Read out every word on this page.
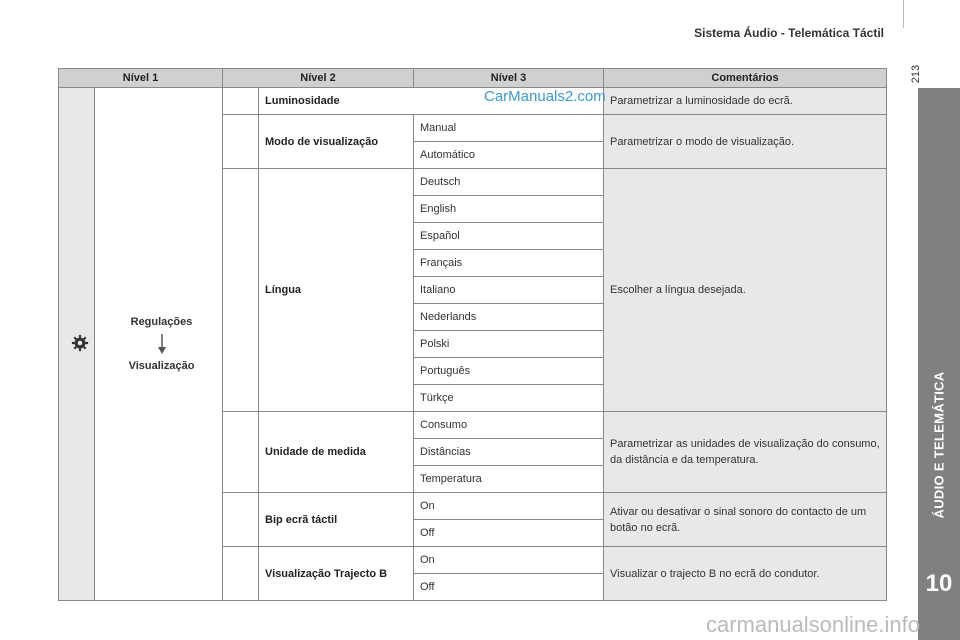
Sistema Áudio - Telemática Táctil
213
ÁUDIO E TELEMÁTICA
10
Nível 1		Nível 2		Nível 3	Comentários

Regulações
Visualização		Luminosidade		Parametrizar a luminosidade do ecrã.
			Modo de visualização	Manual	Parametrizar o modo de visualização.
				Automático	
			Língua	Deutsch	Escolher a língua desejada.
				English	
				Español	
				Français	
				Italiano	
				Nederlands	
				Polski	
				Português	
				Türkçe	
			Unidade de medida	Consumo	Parametrizar as unidades de visualização do consumo, da distância e da temperatura.
				Distâncias	
				Temperatura	
			Bip ecrã táctil	On	Ativar ou desativar o sinal sonoro do contacto de um botão no ecrã.
				Off	
			Visualização Trajecto B	On	Visualizar o trajecto B no ecrã do condutor.
				Off	
CarManuals2.com
carmanualsonline.info
